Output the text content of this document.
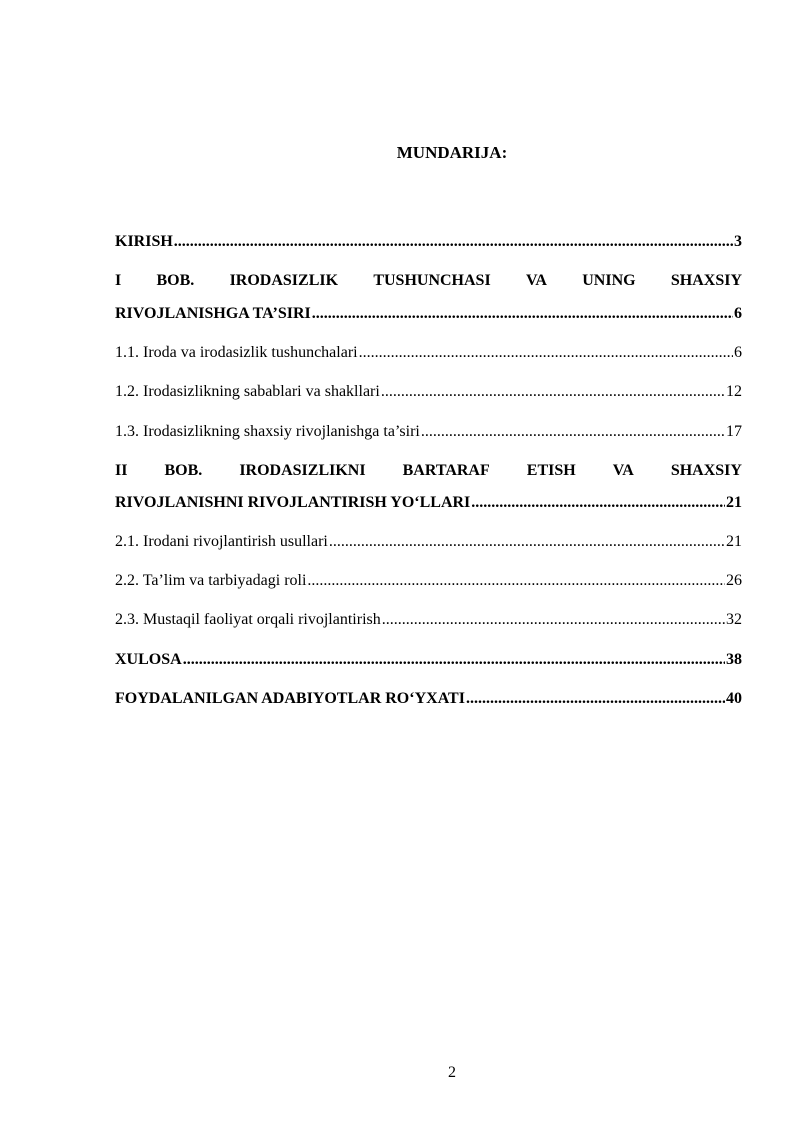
MUNDARIJA:
KIRISH .....	3
I BOB. IRODASIZLIK TUSHUNCHASI VA UNING SHAXSIY
RIVOJLANISHGA TA’SIRI .....	6
1.1. Iroda va irodasizlik tushunchalari .....	6
1.2. Irodasizlikning sabablari va shakllari .....	12
1.3. Irodasizlikning shaxsiy rivojlanishga ta’siri .....	17
II BOB. IRODASIZLIKNI BARTARAF ETISH VA SHAXSIY
RIVOJLANISHNI RIVOJLANTIRISH YO‘LLARI .....	21
2.1. Irodani rivojlantirish usullari .....	21
2.2. Ta’lim va tarbiyadagi roli .....	26
2.3. Mustaqil faoliyat orqali rivojlantirish .....	32
XULOSA .....	38
FOYDALANILGAN ADABIYOTLAR RO‘YXATI .....	40
2
